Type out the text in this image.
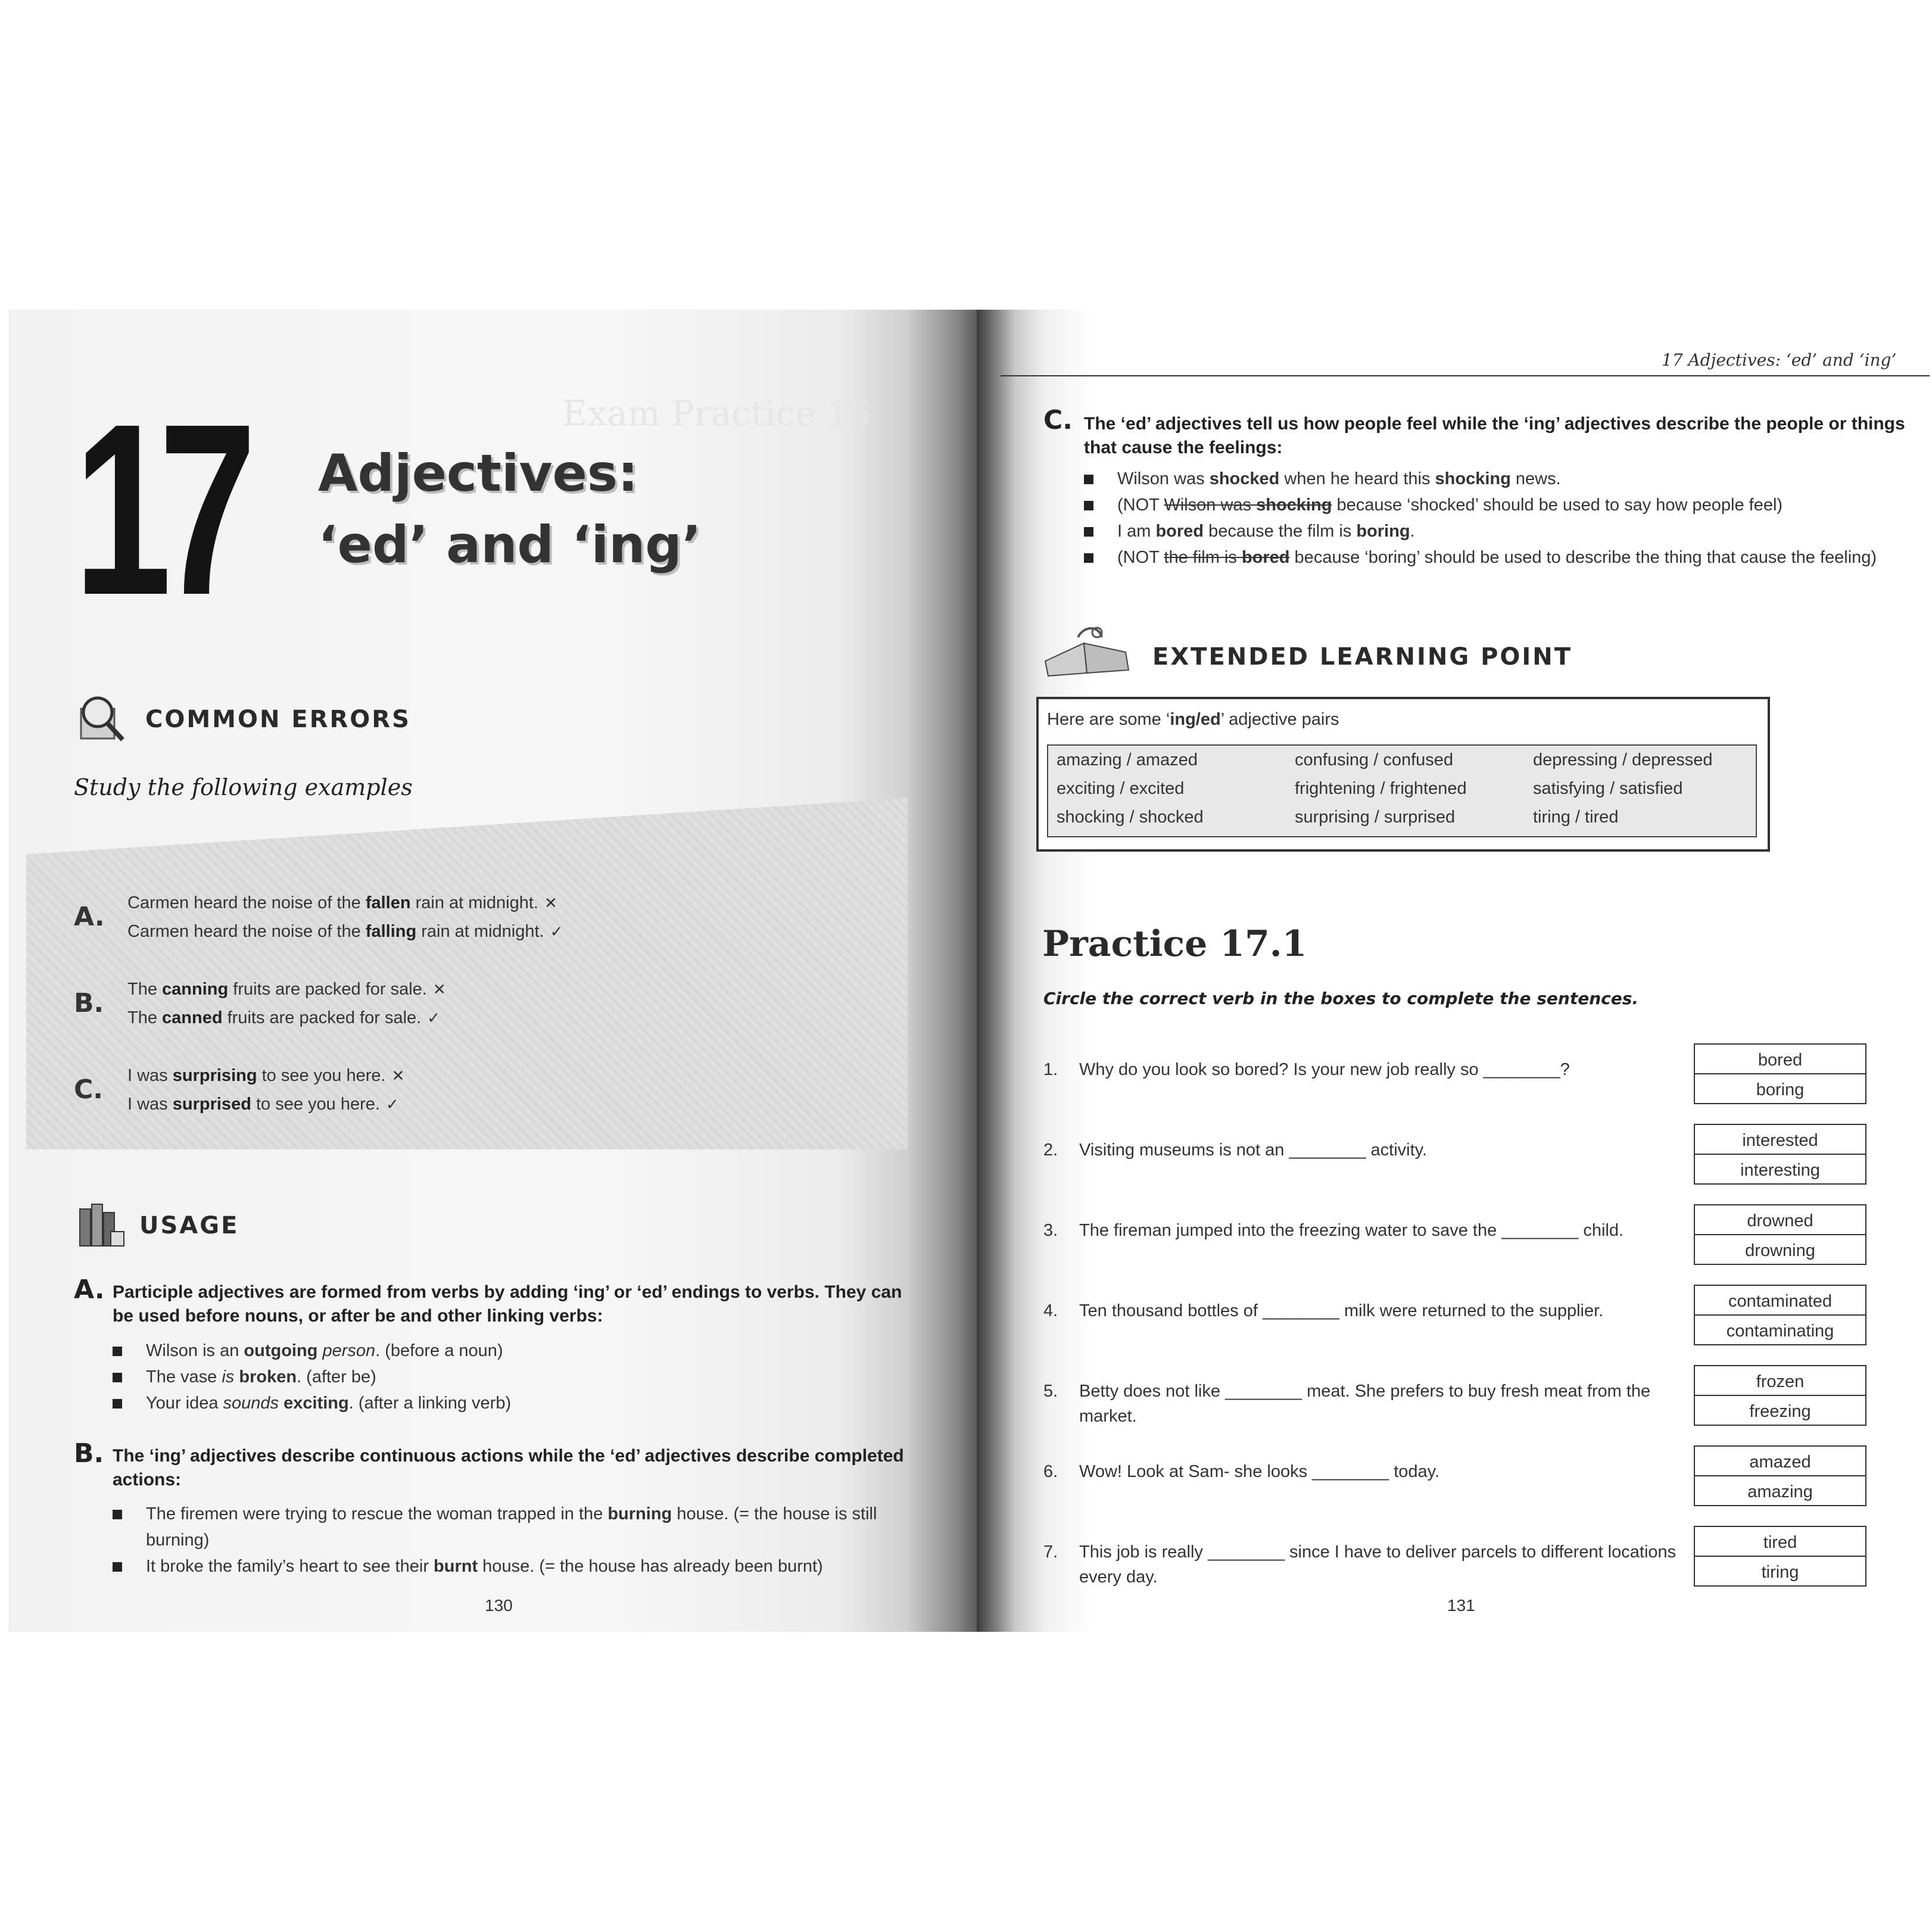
Exam Practice 16
17 Adjectives:
‘ed’ and ‘ing’
COMMON ERRORS
Study the following examples
A. Carmen heard the noise of the fallen rain at midnight. ✕
Carmen heard the noise of the falling rain at midnight. ✓
B. The canning fruits are packed for sale. ✕
The canned fruits are packed for sale. ✓
C. I was surprising to see you here. ✕
I was surprised to see you here. ✓
USAGE
A. Participle adjectives are formed from verbs by adding ‘ing’ or ‘ed’ endings to verbs. They can be used before nouns, or after be and other linking verbs:
Wilson is an outgoing person. (before a noun)
The vase is broken. (after be)
Your idea sounds exciting. (after a linking verb)
B. The ‘ing’ adjectives describe continuous actions while the ‘ed’ adjectives describe completed actions:
The firemen were trying to rescue the woman trapped in the burning house. (= the house is still burning)
It broke the family’s heart to see their burnt house. (= the house has already been burnt)
130
17 Adjectives: ‘ed’ and ‘ing’
C. The ‘ed’ adjectives tell us how people feel while the ‘ing’ adjectives describe the people or things that cause the feelings:
Wilson was shocked when he heard this shocking news.
(NOT Wilson was shocking because ‘shocked’ should be used to say how people feel)
I am bored because the film is boring.
(NOT the film is bored because ‘boring’ should be used to describe the thing that cause the feeling)
EXTENDED LEARNING POINT
Here are some ‘ing/ed’ adjective pairs
amazing / amazed	confusing / confused	depressing / depressed
exciting / excited	frightening / frightened	satisfying / satisfied
shocking / shocked	surprising / surprised	tiring / tired
Practice 17.1
Circle the correct verb in the boxes to complete the sentences.
1. Why do you look so bored? Is your new job really so ________?	bored
boring
2. Visiting museums is not an ________ activity.	interested
interesting
3. The fireman jumped into the freezing water to save the ________ child.	drowned
drowning
4. Ten thousand bottles of ________ milk were returned to the supplier.	contaminated
contaminating
5. Betty does not like ________ meat. She prefers to buy fresh meat from the
market.
frozen
freezing
6. Wow! Look at Sam- she looks ________ today.	amazed
amazing
7. This job is really ________ since I have to deliver parcels to different locations
every day.
tired
tiring
131
